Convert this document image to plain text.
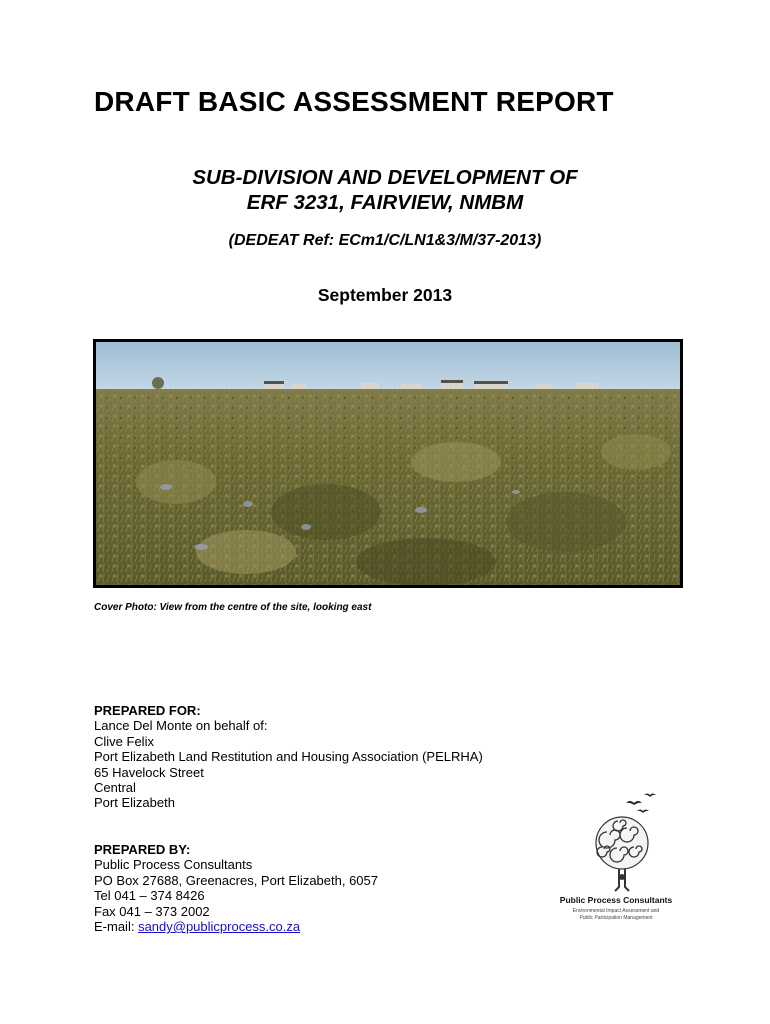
DRAFT BASIC ASSESSMENT REPORT
SUB-DIVISION AND DEVELOPMENT OF
ERF 3231, FAIRVIEW, NMBM
(DEDEAT Ref: ECm1/C/LN1&3/M/37-2013)
September 2013
Cover Photo: View from the centre of the site, looking east
PREPARED FOR:
Lance Del Monte on behalf of:
Clive Felix
Port Elizabeth Land Restitution and Housing Association (PELRHA)
65 Havelock Street
Central
Port Elizabeth
PREPARED BY:
Public Process Consultants
PO Box 27688, Greenacres, Port Elizabeth, 6057
Tel 041 – 374 8426
Fax 041 – 373 2002
E-mail: sandy@publicprocess.co.za
Public Process Consultants
Environmental Impact Assessment and
Public Participation Management
